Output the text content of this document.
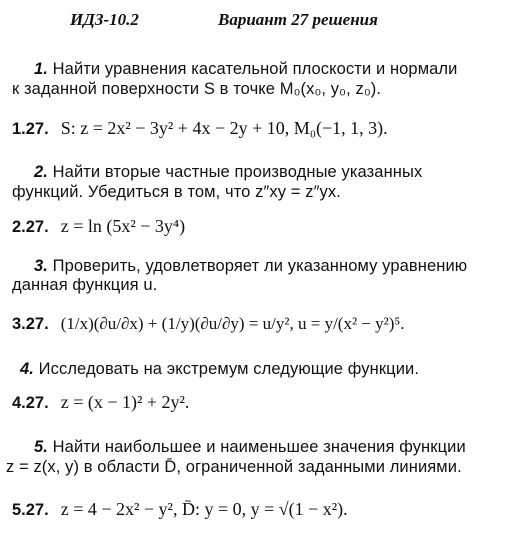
ИДЗ-10.2	Вариант 27 решения
1. Найти уравнения касательной плоскости и нормали
к заданной поверхности S в точке M₀(x₀, y₀, z₀).
1.27. S: z = 2x² − 3y² + 4x − 2y + 10, M₀(−1, 1, 3).
2. Найти вторые частные производные указанных
функций. Убедиться в том, что z″xy = z″yx.
2.27. z = ln (5x² − 3y⁴)
3. Проверить, удовлетворяет ли указанному уравнению
данная функция u.
3.27. (1/x)(∂u/∂x) + (1/y)(∂u/∂y) = u/y², u = y/(x² − y²)⁵.
4. Исследовать на экстремум следующие функции.
4.27. z = (x − 1)² + 2y².
5. Найти наибольшее и наименьшее значения функции
z = z(x, y) в области D̄, ограниченной заданными линиями.
5.27. z = 4 − 2x² − y², D̄: y = 0, y = √(1 − x²).
